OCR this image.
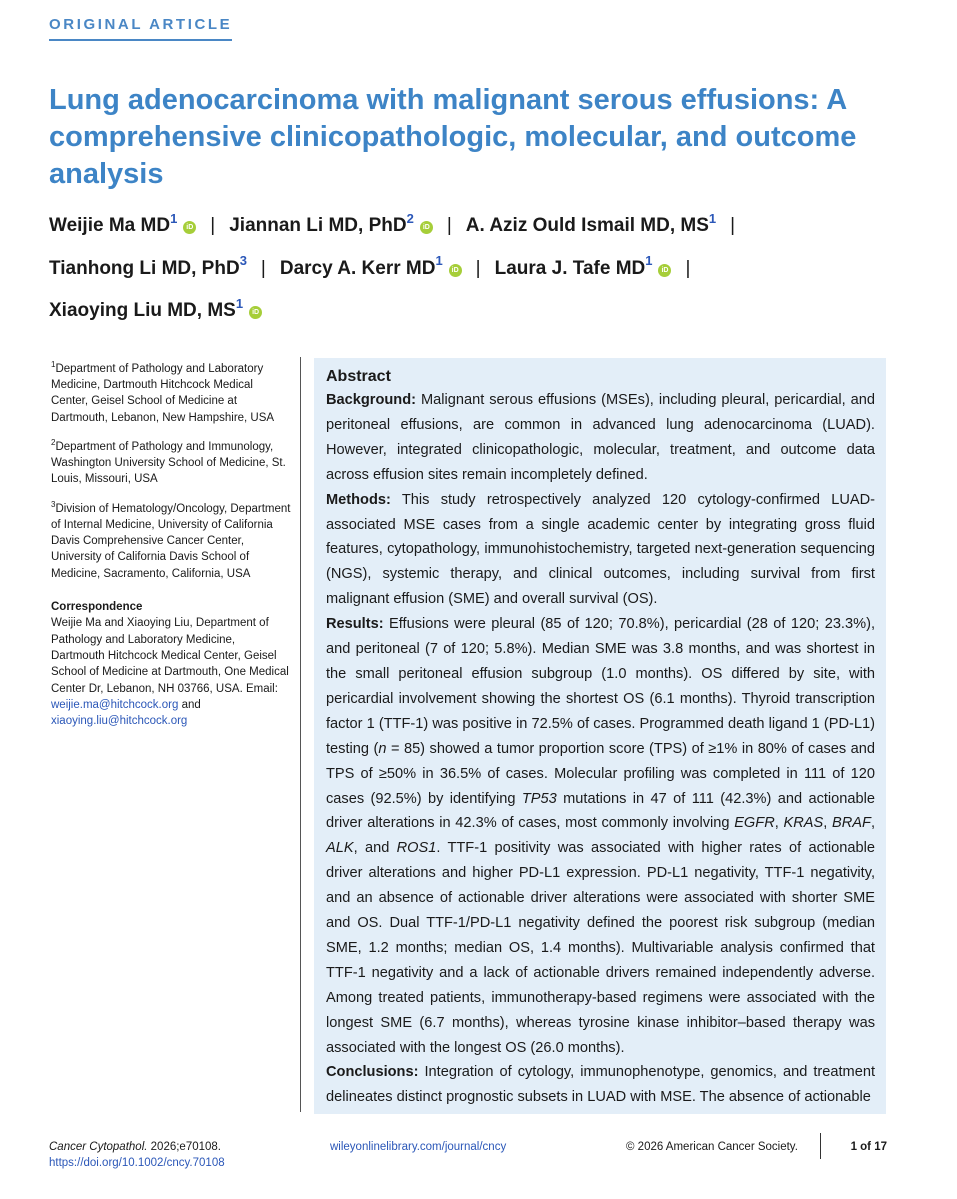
ORIGINAL ARTICLE
Lung adenocarcinoma with malignant serous effusions: A comprehensive clinicopathologic, molecular, and outcome analysis
Weijie Ma $MD^1iD$ | Jiannan Li MD, PhD$^2$iD | A. Aziz Ould Ismail MD, $MS^1$ |
Tianhong Li MD, PhD$^3$ | Darcy A. Kerr $MD^1iD$ | Laura J. Tafe $MD^1iD$ |
Xiaoying Liu MD, $MS^1iD$
$^1$Department of Pathology and Laboratory Medicine, Dartmouth Hitchcock Medical Center, Geisel School of Medicine at Dartmouth, Lebanon, New Hampshire, USA
$^2$Department of Pathology and Immunology, Washington University School of Medicine, St. Louis, Missouri, USA
$^3$Division of Hematology/Oncology, Department of Internal Medicine, University of California Davis Comprehensive Cancer Center, University of California Davis School of Medicine, Sacramento, California, USA
Correspondence
Weijie Ma and Xiaoying Liu, Department of Pathology and Laboratory Medicine, Dartmouth Hitchcock Medical Center, Geisel School of Medicine at Dartmouth, One Medical Center Dr, Lebanon, NH 03766, USA. Email: weijie.ma@hitchcock.org and xiaoying.liu@hitchcock.org
Abstract

Background: Malignant serous effusions (MSEs), including pleural, pericardial, and peritoneal effusions, are common in advanced lung adenocarcinoma (LUAD). However, integrated clinicopathologic, molecular, treatment, and outcome data across effusion sites remain incompletely defined.

Methods: This study retrospectively analyzed 120 cytology-confirmed LUAD-associated MSE cases from a single academic center by integrating gross fluid features, cytopathology, immunohistochemistry, targeted next-generation sequencing (NGS), systemic therapy, and clinical outcomes, including survival from first malignant effusion (SME) and overall survival (OS).

Results: Effusions were pleural (85 of 120; 70.8%), pericardial (28 of 120; 23.3%), and peritoneal (7 of 120; 5.8%). Median SME was 3.8 months, and was shortest in the small peritoneal effusion subgroup (1.0 months). OS differed by site, with pericardial involvement showing the shortest OS (6.1 months). Thyroid transcription factor 1 (TTF-1) was positive in 72.5% of cases. Programmed death ligand 1 (PD-L1) testing (n = 85) showed a tumor proportion score (TPS) of ≥1% in 80% of cases and TPS of ≥50% in 36.5% of cases. Molecular profiling was completed in 111 of 120 cases (92.5%) by identifying TP53 mutations in 47 of 111 (42.3%) and actionable driver alterations in 42.3% of cases, most commonly involving EGFR, KRAS, BRAF, ALK, and ROS1. TTF-1 positivity was associated with higher rates of actionable driver alterations and higher PD-L1 expression. PD-L1 negativity, TTF-1 negativity, and an absence of actionable driver alterations were associated with shorter SME and OS. Dual TTF-1/PD-L1 negativity defined the poorest risk subgroup (median SME, 1.2 months; median OS, 1.4 months). Multivariable analysis confirmed that TTF-1 negativity and a lack of actionable drivers remained independently adverse. Among treated patients, immunotherapy-based regimens were associated with the longest SME (6.7 months), whereas tyrosine kinase inhibitor–based therapy was associated with the longest OS (26.0 months).

Conclusions: Integration of cytology, immunophenotype, genomics, and treatment delineates distinct prognostic subsets in LUAD with MSE. The absence of actionable

Cancer Cytopathol. 2026;e70108.
https://doi.org/10.1002/cncy.70108
wileyonlinelibrary.com/journal/cncy	© 2026 American Cancer Society.	1 of 17
